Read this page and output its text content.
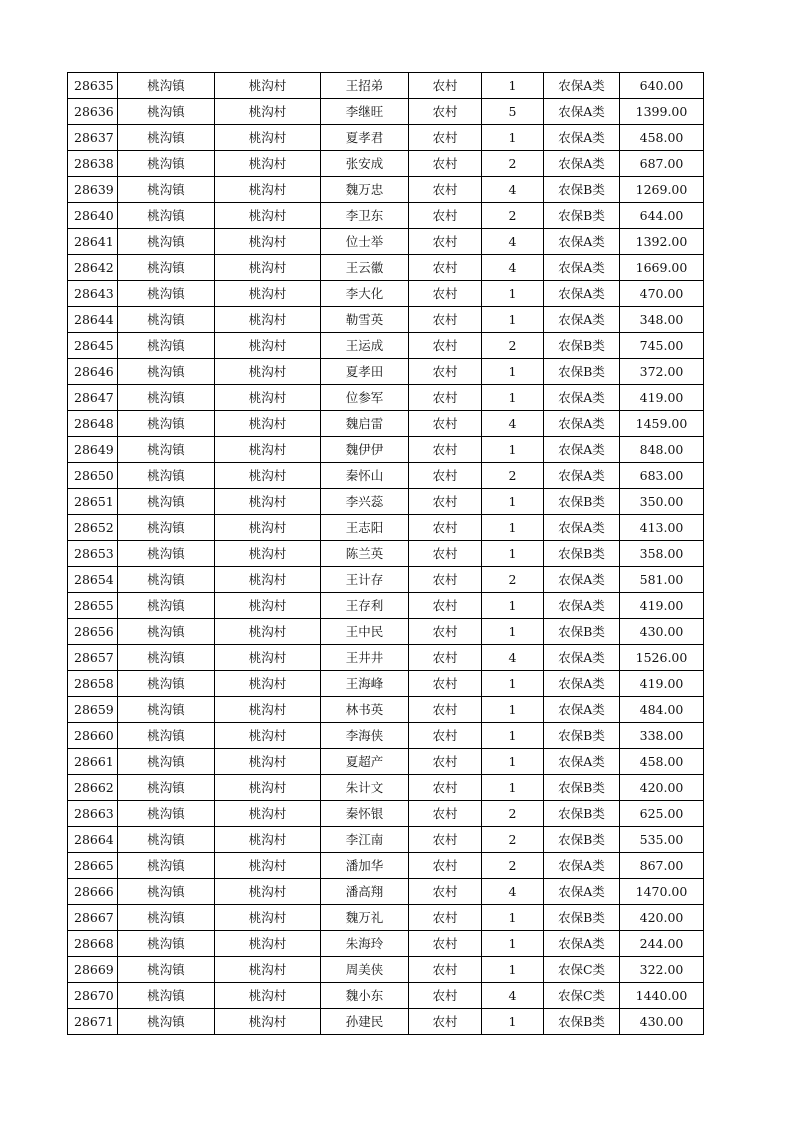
28635	桃沟镇	桃沟村	王招弟	农村	1	农保A类	640.00
28636	桃沟镇	桃沟村	李继旺	农村	5	农保A类	1399.00
28637	桃沟镇	桃沟村	夏孝君	农村	1	农保A类	458.00
28638	桃沟镇	桃沟村	张安成	农村	2	农保A类	687.00
28639	桃沟镇	桃沟村	魏万忠	农村	4	农保B类	1269.00
28640	桃沟镇	桃沟村	李卫东	农村	2	农保B类	644.00
28641	桃沟镇	桃沟村	位士举	农村	4	农保A类	1392.00
28642	桃沟镇	桃沟村	王云徽	农村	4	农保A类	1669.00
28643	桃沟镇	桃沟村	李大化	农村	1	农保A类	470.00
28644	桃沟镇	桃沟村	勒雪英	农村	1	农保A类	348.00
28645	桃沟镇	桃沟村	王运成	农村	2	农保B类	745.00
28646	桃沟镇	桃沟村	夏孝田	农村	1	农保B类	372.00
28647	桃沟镇	桃沟村	位参军	农村	1	农保A类	419.00
28648	桃沟镇	桃沟村	魏启雷	农村	4	农保A类	1459.00
28649	桃沟镇	桃沟村	魏伊伊	农村	1	农保A类	848.00
28650	桃沟镇	桃沟村	秦怀山	农村	2	农保A类	683.00
28651	桃沟镇	桃沟村	李兴蕊	农村	1	农保B类	350.00
28652	桃沟镇	桃沟村	王志阳	农村	1	农保A类	413.00
28653	桃沟镇	桃沟村	陈兰英	农村	1	农保B类	358.00
28654	桃沟镇	桃沟村	王计存	农村	2	农保A类	581.00
28655	桃沟镇	桃沟村	王存利	农村	1	农保A类	419.00
28656	桃沟镇	桃沟村	王中民	农村	1	农保B类	430.00
28657	桃沟镇	桃沟村	王井井	农村	4	农保A类	1526.00
28658	桃沟镇	桃沟村	王海峰	农村	1	农保A类	419.00
28659	桃沟镇	桃沟村	林书英	农村	1	农保A类	484.00
28660	桃沟镇	桃沟村	李海侠	农村	1	农保B类	338.00
28661	桃沟镇	桃沟村	夏超产	农村	1	农保A类	458.00
28662	桃沟镇	桃沟村	朱计文	农村	1	农保B类	420.00
28663	桃沟镇	桃沟村	秦怀银	农村	2	农保B类	625.00
28664	桃沟镇	桃沟村	李江南	农村	2	农保B类	535.00
28665	桃沟镇	桃沟村	潘加华	农村	2	农保A类	867.00
28666	桃沟镇	桃沟村	潘高翔	农村	4	农保A类	1470.00
28667	桃沟镇	桃沟村	魏万礼	农村	1	农保B类	420.00
28668	桃沟镇	桃沟村	朱海玲	农村	1	农保A类	244.00
28669	桃沟镇	桃沟村	周美侠	农村	1	农保C类	322.00
28670	桃沟镇	桃沟村	魏小东	农村	4	农保C类	1440.00
28671	桃沟镇	桃沟村	孙建民	农村	1	农保B类	430.00
